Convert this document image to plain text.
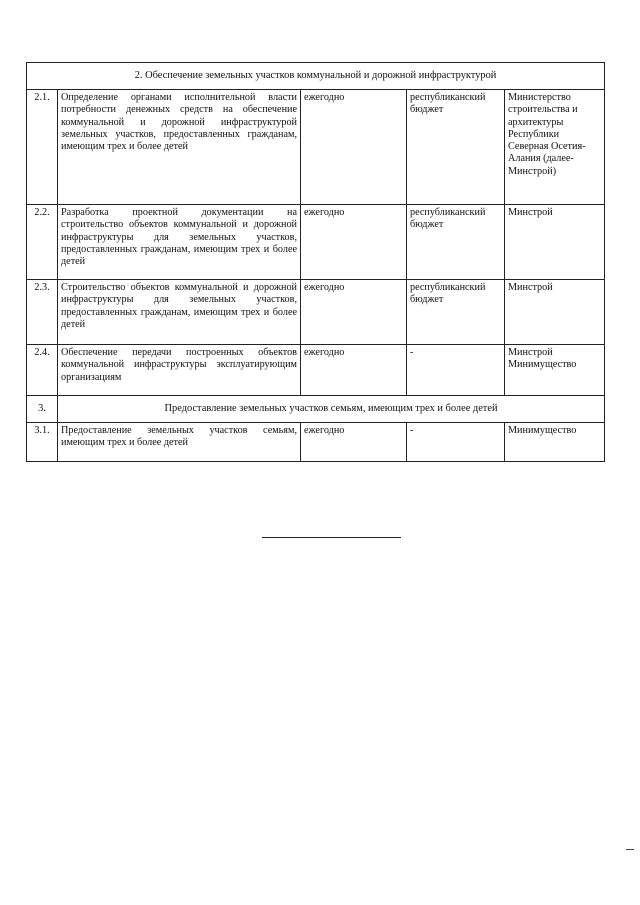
2. Обеспечение земельных участков коммунальной и дорожной инфраструктурой				
2.1.	Определение органами исполнительной власти потребности денежных средств на обеспечение коммунальной и дорожной инфраструктурой земельных участков, предоставленных гражданам, имеющим трех и более детей	ежегодно	республиканский бюджет	Министерство строительства и архитектуры Республики Северная Осетия-Алания (далее- Минстрой)
2.2.	Разработка проектной документации на строительство объектов коммунальной и дорожной инфраструктуры для земельных участков, предоставленных гражданам, имеющим трех и более детей	ежегодно	республиканский бюджет	Минстрой
2.3.	Строительство объектов коммунальной и дорожной инфраструктуры для земельных участков, предоставленных гражданам, имеющим трех и более детей	ежегодно	республиканский бюджет	Минстрой
2.4.	Обеспечение передачи построенных объектов коммунальной инфраструктуры эксплуатирующим организациям	ежегодно	-	Минстрой Минимущество
3.	Предоставление земельных участков семьям, имеющим трех и более детей			
3.1.	Предоставление земельных участков семьям, имеющим трех и более детей	ежегодно	-	Минимущество
